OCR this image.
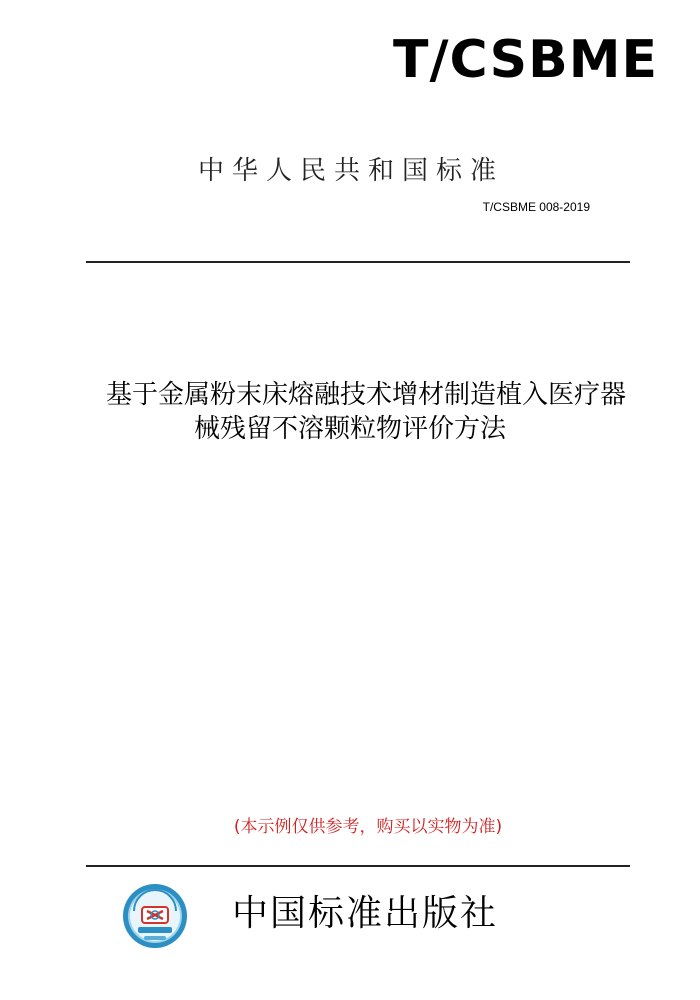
T/CSBME
中华人民共和国标准
T/CSBME 008-2019
基于金属粉末床熔融技术增材制造植入医疗器
械残留不溶颗粒物评价方法
(本示例仅供参考，购买以实物为准)
中国标准出版社
